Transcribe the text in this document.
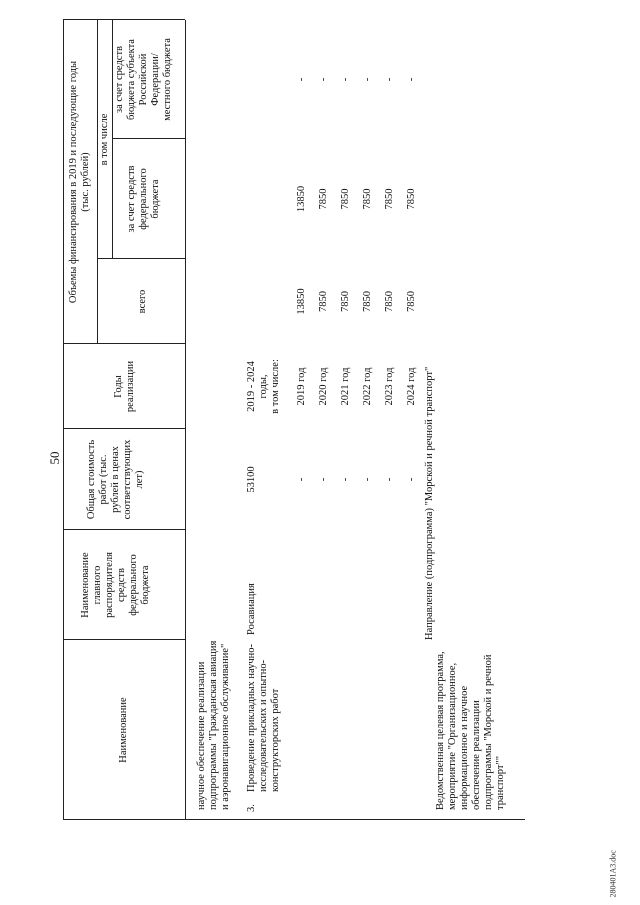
50
280401A3.doc
Наименование
Наименование
главного
распорядителя
средств
федерального
бюджета
Общая стоимость
работ (тыс.
рублей в ценах
соответствующих
лет)
Годы
реализации
Объемы финансирования в 2019 и последующие годы
(тыс. рублей)
всего
в том числе
за счет средств
федерального
бюджета
за счет средств
бюджета субъекта
Российской
Федерации/
местного бюджета
научное обеспечение реализации
подпрограммы "Гражданская авиация
и аэронавигационное обслуживание"
3.
Проведение прикладных научно-
исследовательских и опытно-
конструкторских работ
Росавиация
53100
2019 - 2024
годы,
в том числе:
-
2019 год
13850
13850
-
-
2020 год
7850
7850
-
-
2021 год
7850
7850
-
-
2022 год
7850
7850
-
-
2023 год
7850
7850
-
-
2024 год
7850
7850
-
Направление (подпрограмма) "Морской и речной транспорт"
Ведомственная целевая программа,
мероприятие "Организационное,
информационное и научное
обеспечение реализации
подпрограммы "Морской и речной
транспорт""
